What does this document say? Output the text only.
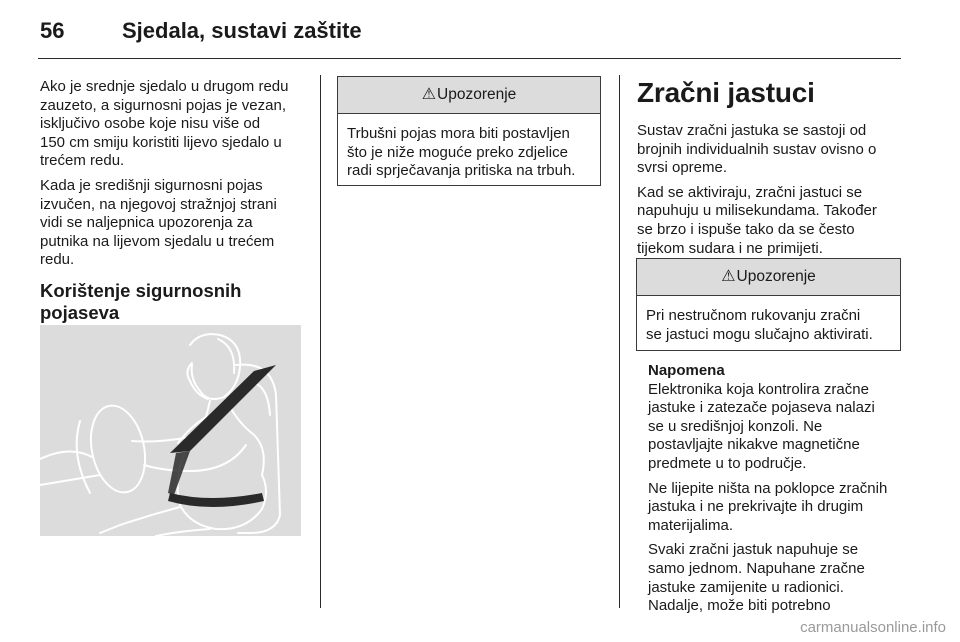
56	Sjedala, sustavi zaštite

Ako je srednje sjedalo u drugom redu
zauzeto, a sigurnosni pojas je vezan,
isključivo osobe koje nisu više od
150 cm smiju koristiti lijevo sjedalo u
trećem redu.

Kada je središnji sigurnosni pojas
izvučen, na njegovoj stražnjoj strani
vidi se naljepnica upozorenja za
putnika na lijevom sjedalu u trećem
redu.

Korištenje sigurnosnih pojaseva

⚠Upozorenje
Trbušni pojas mora biti postavljen
što je niže moguće preko zdjelice
radi sprječavanja pritiska na trbuh.
Zračni jastuci

Sustav zračni jastuka se sastoji od
brojnih individualnih sustav ovisno o
svrsi opreme.

Kad se aktiviraju, zračni jastuci se
napuhuju u milisekundama. Također
se brzo i ispuše tako da se često
tijekom sudara i ne primijeti.

⚠Upozorenje
Pri nestručnom rukovanju zračni
se jastuci mogu slučajno aktivirati.
Napomena

Elektronika koja kontrolira zračne
jastuke i zatezače pojaseva nalazi
se u središnjoj konzoli. Ne
postavljajte nikakve magnetične
predmete u to područje.

Ne lijepite ništa na poklopce zračnih
jastuka i ne prekrivajte ih drugim
materijalima.

Svaki zračni jastuk napuhuje se
samo jednom. Napuhane zračne
jastuke zamijenite u radionici.
Nadalje, može biti potrebno

carmanualsonline.info
